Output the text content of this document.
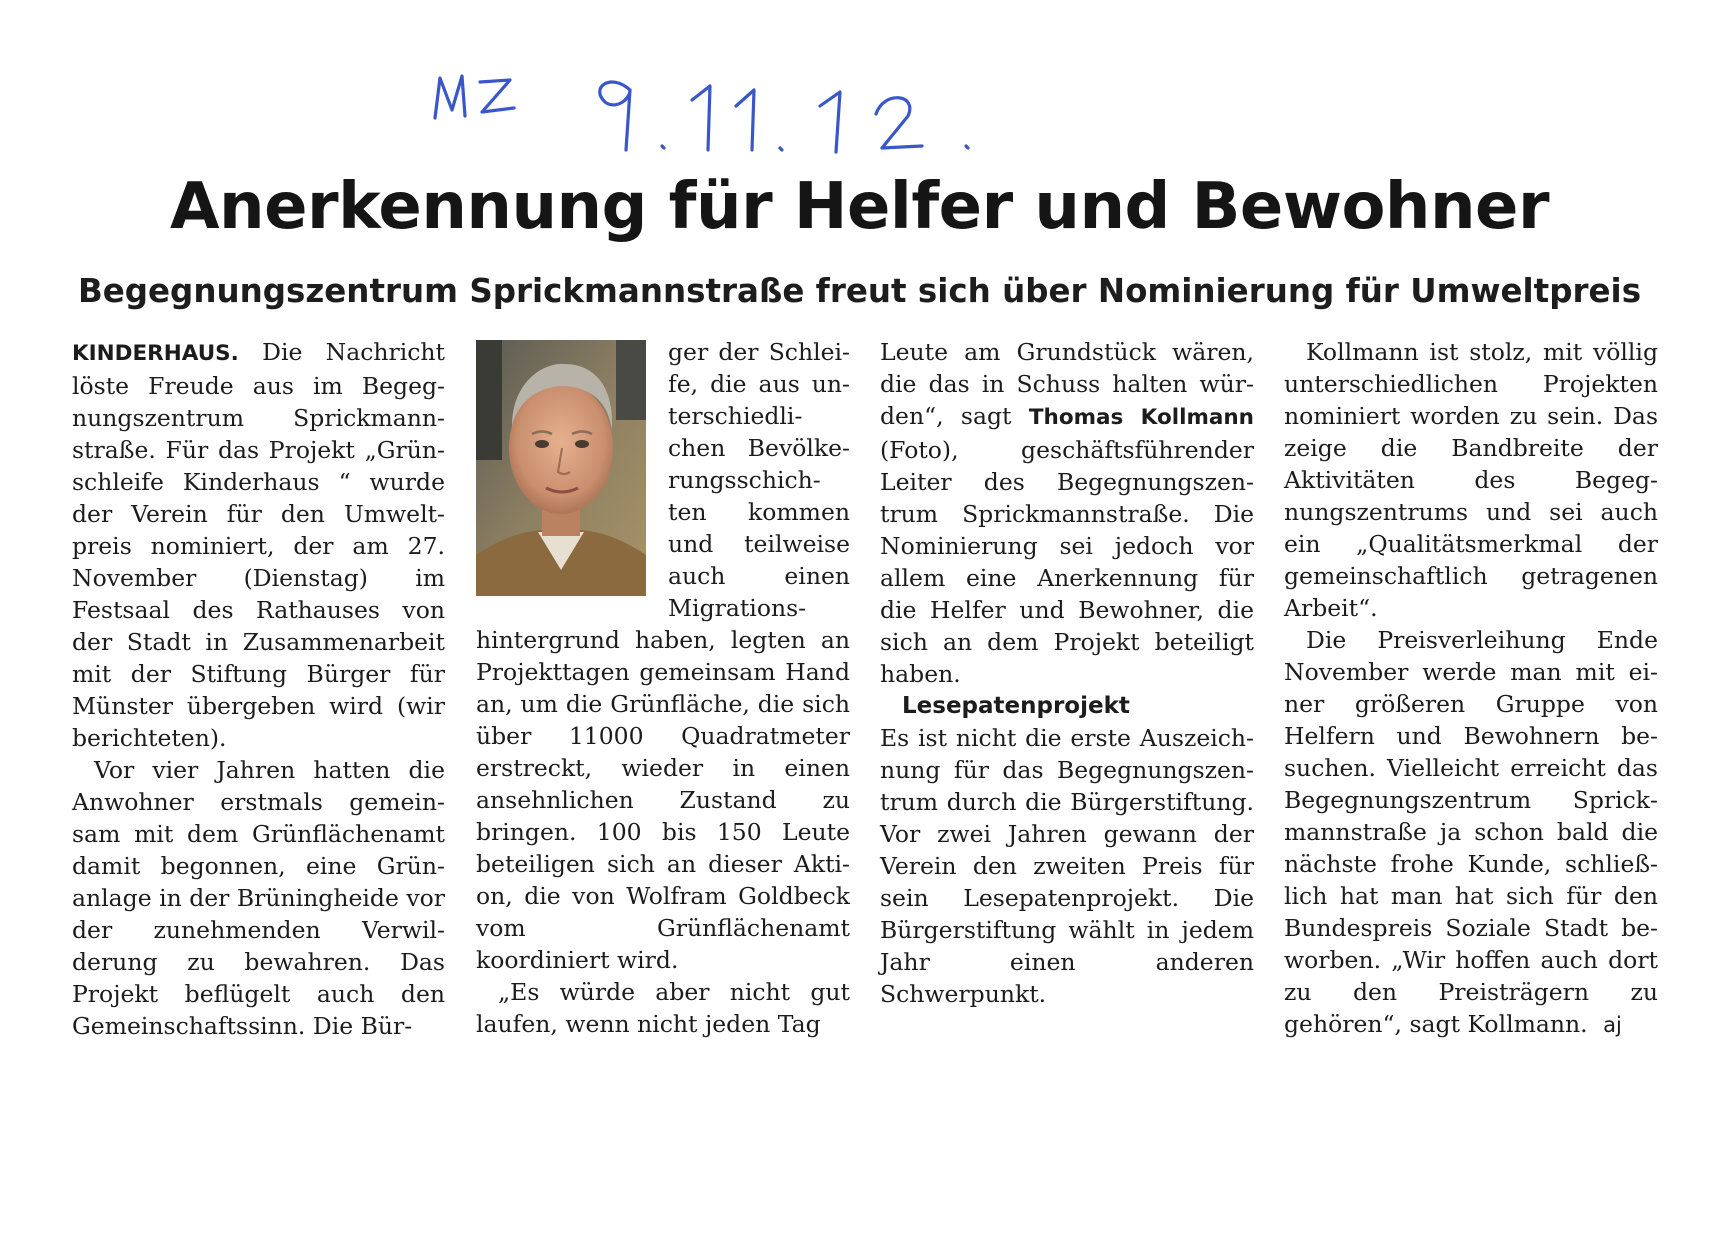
Anerkennung für Helfer und Bewohner
Begegnungszentrum Sprickmannstraße freut sich über Nominierung für Umweltpreis

KINDERHAUS. Die Nachricht löste Freude aus im Begegnungszentrum Sprickmannstraße. Für das Projekt „Grünschleife Kinderhaus “ wurde der Verein für den Umweltpreis nominiert, der am 27. November (Dienstag) im Festsaal des Rathauses von der Stadt in Zusammenarbeit mit der Stiftung Bürger für Münster übergeben wird (wir berichteten).

Vor vier Jahren hatten die Anwohner erstmals gemeinsam mit dem Grünflächenamt damit begonnen, eine Grünanlage in der Brüningheide vor der zunehmenden Verwilderung zu bewahren. Das Projekt beflügelt auch den Gemeinschaftssinn. Die Bür-

ger der Schleife, die aus unterschiedlichen Bevölkerungsschichten kommen und teilweise auch einen Migrationshintergrund haben, legten an Projekttagen gemeinsam Hand an, um die Grünfläche, die sich über 11000 Quadratmeter erstreckt, wieder in einen ansehnlichen Zustand zu bringen. 100 bis 150 Leute beteiligen sich an dieser Aktion, die von Wolfram Goldbeck vom Grünflächenamt koordiniert wird.

„Es würde aber nicht gut laufen, wenn nicht jeden Tag

Leute am Grundstück wären, die das in Schuss halten würden“, sagt Thomas Kollmann (Foto), geschäftsführender Leiter des Begegnungszentrum Sprickmannstraße. Die Nominierung sei jedoch vor allem eine Anerkennung für die Helfer und Bewohner, die sich an dem Projekt beteiligt haben.

Lesepatenprojekt

Es ist nicht die erste Auszeichnung für das Begegnungszentrum durch die Bürgerstiftung. Vor zwei Jahren gewann der Verein den zweiten Preis für sein Lesepatenprojekt. Die Bürgerstiftung wählt in jedem Jahr einen anderen Schwerpunkt.

Kollmann ist stolz, mit völlig unterschiedlichen Projekten nominiert worden zu sein. Das zeige die Bandbreite der Aktivitäten des Begegnungszentrums und sei auch ein „Qualitätsmerkmal der gemeinschaftlich getragenen Arbeit“.

Die Preisverleihung Ende November werde man mit einer größeren Gruppe von Helfern und Bewohnern besuchen. Vielleicht erreicht das Begegnungszentrum Sprickmannstraße ja schon bald die nächste frohe Kunde, schließlich hat man hat sich für den Bundespreis Soziale Stadt beworben. „Wir hoffen auch dort zu den Preisträgern zu gehören“, sagt Kollmann. aj
